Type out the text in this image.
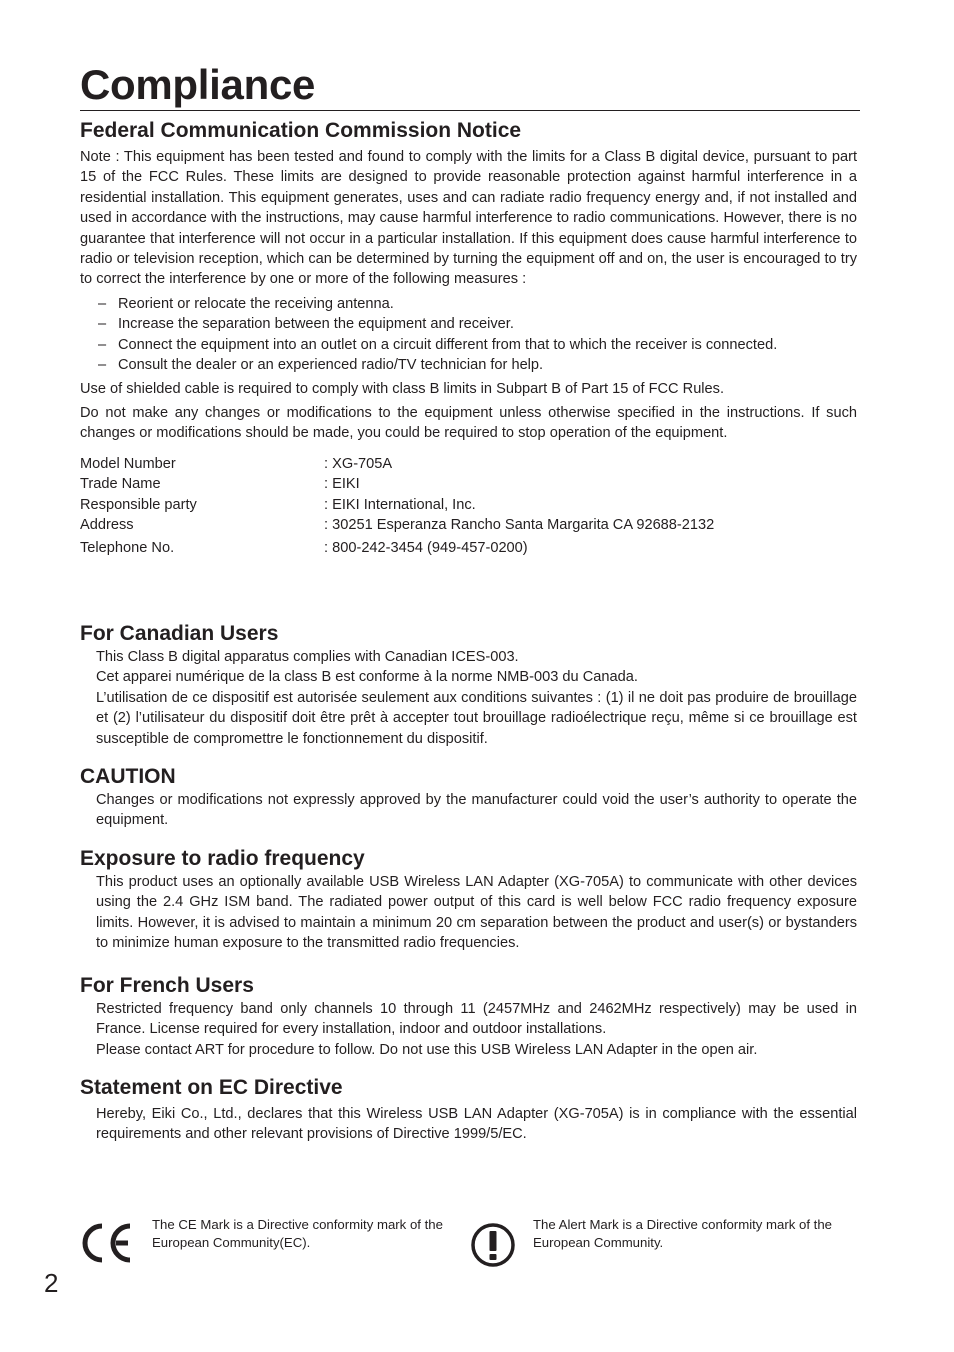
Compliance
Federal Communication Commission Notice

Note : This equipment has been tested and found to comply with the limits for a Class B digital device, pursuant to part 15 of the FCC Rules. These limits are designed to provide reasonable protection against harmful interference in a residential installation. This equipment generates, uses and can radiate radio frequency energy and, if not installed and used in accordance with the instructions, may cause harmful interference to radio communications. However, there is no guarantee that interference will not occur in a particular installation. If this equipment does cause harmful interference to radio or television reception, which can be determined by turning the equipment off and on, the user is encouraged to try to correct the interference by one or more of the following measures :

– Reorient or relocate the receiving antenna.
– Increase the separation between the equipment and receiver.
– Connect the equipment into an outlet on a circuit different from that to which the receiver is connected.
– Consult the dealer or an experienced radio/TV technician for help.

Use of shielded cable is required to comply with class B limits in Subpart B of Part 15 of FCC Rules.

Do not make any changes or modifications to the equipment unless otherwise specified in the instructions. If such changes or modifications should be made, you could be required to stop operation of the equipment.

Model Number	: XG-705A
Trade Name	: EIKI
Responsible party	: EIKI International, Inc.
Address	: 30251 Esperanza Rancho Santa Margarita CA 92688-2132
Telephone No.	: 800-242-3454 (949-457-0200)
For Canadian Users

This Class B digital apparatus complies with Canadian ICES-003.

Cet appareі numérique de la class B est conforme à la norme NMB-003 du Canada.

L’utilisation de ce dispositif est autorisée seulement aux conditions suivantes : (1) il ne doit pas produire de brouillage et (2) l’utilisateur du dispositif doit être prêt à accepter tout brouillage radioélectrique reçu, même si ce brouillage est susceptible de compromettre le fonctionnement du dispositif.

CAUTION

Changes or modifications not expressly approved by the manufacturer could void the user’s authority to operate the equipment.

Exposure to radio frequency

This product uses an optionally available USB Wireless LAN Adapter (XG-705A) to communicate with other devices using the 2.4 GHz ISM band. The radiated power output of this card is well below FCC radio frequency exposure limits. However, it is advised to maintain a minimum 20 cm separation between the product and user(s) or bystanders to minimize human exposure to the transmitted radio frequencies.

For French Users

Restricted frequency band only channels 10 through 11 (2457MHz and 2462MHz respectively) may be used in France. License required for every installation, indoor and outdoor installations.

Please contact ART for procedure to follow. Do not use this USB Wireless LAN Adapter in the open air.

Statement on EC Directive

Hereby, Eiki Co., Ltd., declares that this Wireless USB LAN Adapter (XG-705A) is in compliance with the essential requirements and other relevant provisions of Directive 1999/5/EC.

The CE Mark is a Directive conformity mark of the European Community(EC).
The Alert Mark is a Directive conformity mark of the European Community.
2
